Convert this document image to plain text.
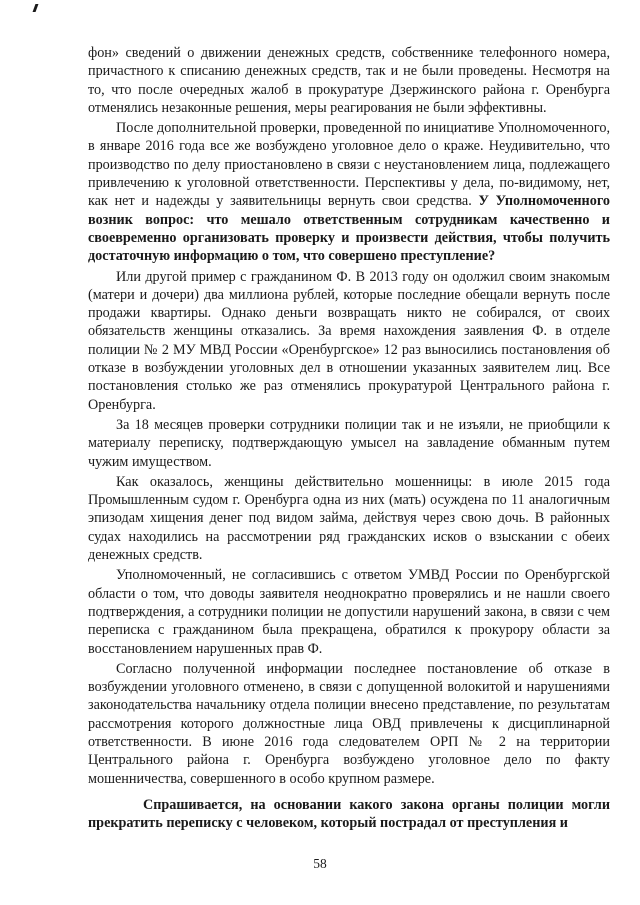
фон» сведений о движении денежных средств, собственнике телефонного номера, причастного к списанию денежных средств, так и не были проведены. Несмотря на то, что после очередных жалоб в прокуратуре Дзержинского района г. Оренбурга отменялись незаконные решения, меры реагирования не были эффективны.

После дополнительной проверки, проведенной по инициативе Уполномоченного, в январе 2016 года все же возбуждено уголовное дело о краже. Неудивительно, что производство по делу приостановлено в связи с неустановлением лица, подлежащего привлечению к уголовной ответственности. Перспективы у дела, по-видимому, нет, как нет и надежды у заявительницы вернуть свои средства. У Уполномоченного возник вопрос: что мешало ответственным сотрудникам качественно и своевременно организовать проверку и произвести действия, чтобы получить достаточную информацию о том, что совершено преступление?

Или другой пример с гражданином Ф. В 2013 году он одолжил своим знакомым (матери и дочери) два миллиона рублей, которые последние обещали вернуть после продажи квартиры. Однако деньги возвращать никто не собирался, от своих обязательств женщины отказались. За время нахождения заявления Ф. в отделе полиции № 2 МУ МВД России «Оренбургское» 12 раз выносились постановления об отказе в возбуждении уголовных дел в отношении указанных заявителем лиц. Все постановления столько же раз отменялись прокуратурой Центрального района г. Оренбурга.

За 18 месяцев проверки сотрудники полиции так и не изъяли, не приобщили к материалу переписку, подтверждающую умысел на завладение обманным путем чужим имуществом.

Как оказалось, женщины действительно мошенницы: в июле 2015 года Промышленным судом г. Оренбурга одна из них (мать) осуждена по 11 аналогичным эпизодам хищения денег под видом займа, действуя через свою дочь. В районных судах находились на рассмотрении ряд гражданских исков о взыскании с обеих денежных средств.

Уполномоченный, не согласившись с ответом УМВД России по Оренбургской области о том, что доводы заявителя неоднократно проверялись и не нашли своего подтверждения, а сотрудники полиции не допустили нарушений закона, в связи с чем переписка с гражданином была прекращена, обратился к прокурору области за восстановлением нарушенных прав Ф.

Согласно полученной информации последнее постановление об отказе в возбуждении уголовного отменено, в связи с допущенной волокитой и нарушениями законодательства начальнику отдела полиции внесено представление, по результатам рассмотрения которого должностные лица ОВД привлечены к дисциплинарной ответственности. В июне 2016 года следователем ОРП № 2 на территории Центрального района г. Оренбурга возбуждено уголовное дело по факту мошенничества, совершенного в особо крупном размере.

Спрашивается, на основании какого закона органы полиции могли прекратить переписку с человеком, который пострадал от преступления и

58
